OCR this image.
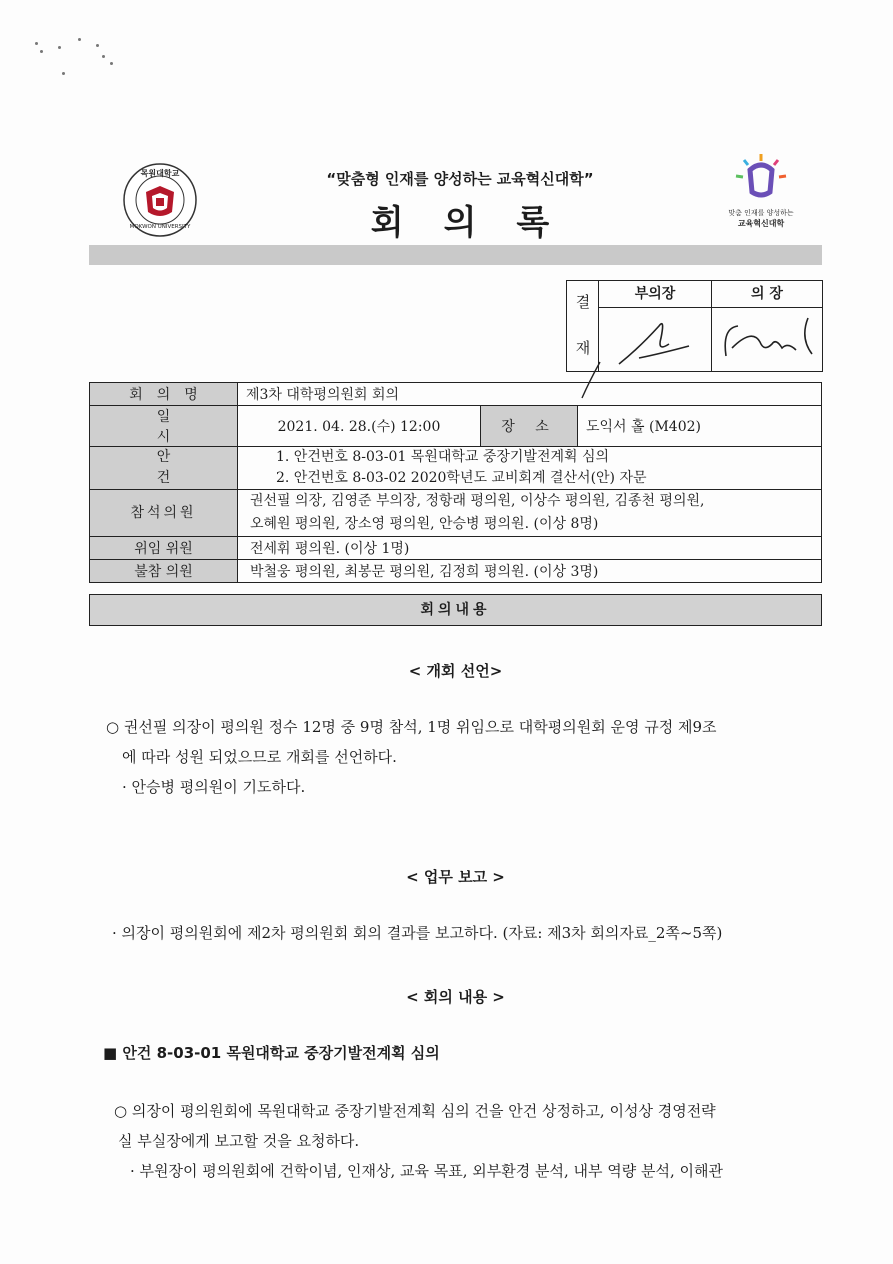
목원대학교
MOKWON UNIVERSITY
“맞춤형 인재를 양성하는 교육혁신대학”
회의록	맞춤 인재를 양성하는
교육혁신대학
결
재
부의장	의 장
회의명	제3차 대학평의원회 회의		
일시	2021. 04. 28.(수) 12:00	장 소	도익서 홀 (M402)
안건	1. 안건번호 8-03-01 목원대학교 중장기발전계획 심의
2. 안건번호 8-03-02 2020학년도 교비회계 결산서(안) 자문		

참석의원	권선필 의장, 김영준 부의장, 정항래 평의원, 이상수 평의원, 김종천 평의원,
오혜원 평의원, 장소영 평의원, 안승병 평의원. (이상 8명)		

위임 위원	전세휘 평의원. (이상 1명)		
불참 의원	박철웅 평의원, 최봉문 평의원, 김정희 평의원. (이상 3명)		
회의내용
< 개회 선언>
○ 권선필 의장이 평의원 정수 12명 중 9명 참석, 1명 위임으로 대학평의원회 운영 규정 제9조
에 따라 성원 되었으므로 개회를 선언하다.
· 안승병 평의원이 기도하다.
< 업무 보고 >
· 의장이 평의원회에 제2차 평의원회 회의 결과를 보고하다. (자료: 제3차 회의자료_2쪽~5쪽)
< 회의 내용 >
■ 안건 8-03-01 목원대학교 중장기발전계획 심의
○ 의장이 평의원회에 목원대학교 중장기발전계획 심의 건을 안건 상정하고, 이성상 경영전략
실 부실장에게 보고할 것을 요청하다.
· 부원장이 평의원회에 건학이념, 인재상, 교육 목표, 외부환경 분석, 내부 역량 분석, 이해관
